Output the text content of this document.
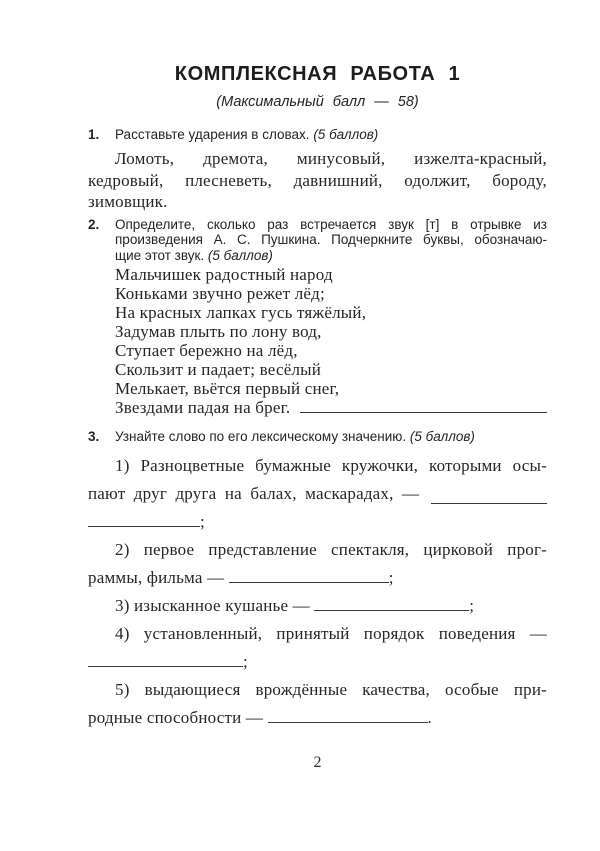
КОМПЛЕКСНАЯ РАБОТА 1
(Максимальный балл — 58)
1.	Расставьте ударения в словах. (5 баллов)
Ломоть, дремота, минусовый, изжелта-красный,
кедровый, плесневеть, давнишний, одолжит, бороду,
зимовщик.
2.	Определите, сколько раз встречается звук [т] в отрывке из
произведения А. С. Пушкина. Подчеркните буквы, обозначаю-
щие этот звук. (5 баллов)
Мальчишек радостный народ
Коньками звучно режет лёд;
На красных лапках гусь тяжёлый,
Задумав плыть по лону вод,
Ступает бережно на лёд,
Скользит и падает; весёлый
Мелькает, вьётся первый снег,
Звездами падая на брег.
3.	Узнайте слово по его лексическому значению. (5 баллов)
1) Разноцветные бумажные кружочки, которыми осы-
пают друг друга на балах, маскарадах, —
;
2) первое представление спектакля, цирковой прог-
раммы, фильма —	;
3) изысканное кушанье —	;
4) установленный, принятый порядок поведения —
;
5) выдающиеся врождённые качества, особые при-
родные способности —	.
2
